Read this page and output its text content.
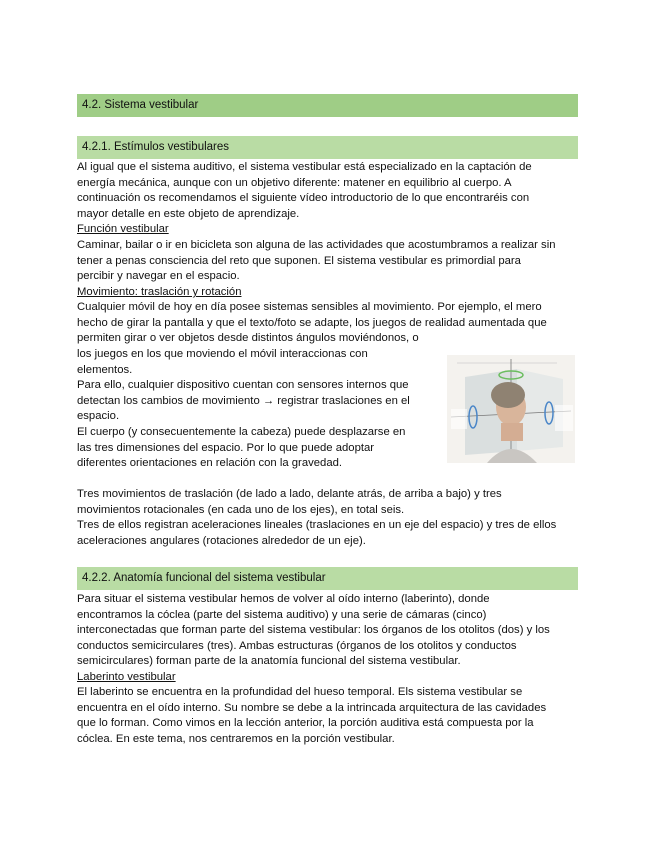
4.2. Sistema vestibular
4.2.1. Estímulos vestibulares
Al igual que el sistema auditivo, el sistema vestibular está especializado en la captación de
energía mecánica, aunque con un objetivo diferente: matener en equilibrio al cuerpo. A
continuación os recomendamos el siguiente vídeo introductorio de lo que encontraréis con
mayor detalle en este objeto de aprendizaje.
Función vestibular
Caminar, bailar o ir en bicicleta son alguna de las actividades que acostumbramos a realizar sin
tener a penas consciencia del reto que suponen. El sistema vestibular es primordial para
percibir y navegar en el espacio.
Movimiento: traslación y rotación
Cualquier móvil de hoy en día posee sistemas sensibles al movimiento. Por ejemplo, el mero
hecho de girar la pantalla y que el texto/foto se adapte, los juegos de realidad aumentada que
permiten girar o ver objetos desde distintos ángulos moviéndonos, o
los juegos en los que moviendo el móvil interaccionas con
elementos.
Para ello, cualquier dispositivo cuentan con sensores internos que
detectan los cambios de movimiento → registrar traslaciones en el
espacio.
El cuerpo (y consecuentemente la cabeza) puede desplazarse en
las tres dimensiones del espacio. Por lo que puede adoptar
diferentes orientaciones en relación con la gravedad.
Tres movimientos de traslación (de lado a lado, delante atrás, de arriba a bajo) y tres
movimientos rotacionales (en cada uno de los ejes), en total seis.
Tres de ellos registran aceleraciones lineales (traslaciones en un eje del espacio) y tres de ellos
aceleraciones angulares (rotaciones alrededor de un eje).
4.2.2. Anatomía funcional del sistema vestibular
Para situar el sistema vestibular hemos de volver al oído interno (laberinto), donde
encontramos la cóclea (parte del sistema auditivo) y una serie de cámaras (cinco)
interconectadas que forman parte del sistema vestibular: los órganos de los otolitos (dos) y los
conductos semicirculares (tres). Ambas estructuras (órganos de los otolitos y conductos
semicirculares) forman parte de la anatomía funcional del sistema vestibular.
Laberinto vestibular
El laberinto se encuentra en la profundidad del hueso temporal. Els sistema vestibular se
encuentra en el oído interno. Su nombre se debe a la intrincada arquitectura de las cavidades
que lo forman. Como vimos en la lección anterior, la porción auditiva está compuesta por la
cóclea. En este tema, nos centraremos en la porción vestibular.
